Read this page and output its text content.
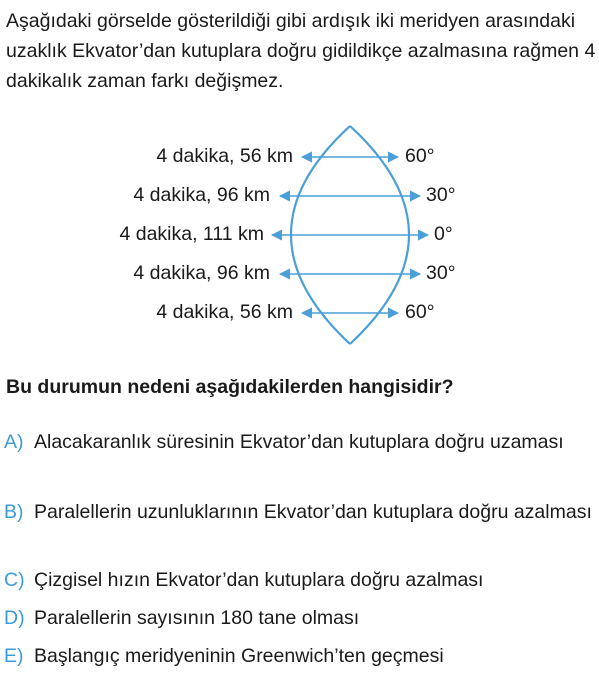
Aşağıdaki görselde gösterildiği gibi ardışık iki meridyen arasındaki uzaklık Ekvator’dan kutuplara doğru gidildikçe azalmasına rağmen 4 dakikalık zaman farkı değişmez.

4 dakika, 56 km
4 dakika, 96 km
4 dakika, 111 km
4 dakika, 96 km
4 dakika, 56 km
60°
30°
0°
30°
60°

Bu durumun nedeni aşağıdakilerden hangisidir?

A) Alacakaranlık süresinin Ekvator’dan kutuplara doğru uzaması
B) Paralellerin uzunluklarının Ekvator’dan kutuplara doğru azalması
C) Çizgisel hızın Ekvator’dan kutuplara doğru azalması
D) Paralellerin sayısının 180 tane olması
E) Başlangıç meridyeninin Greenwich’ten geçmesi
